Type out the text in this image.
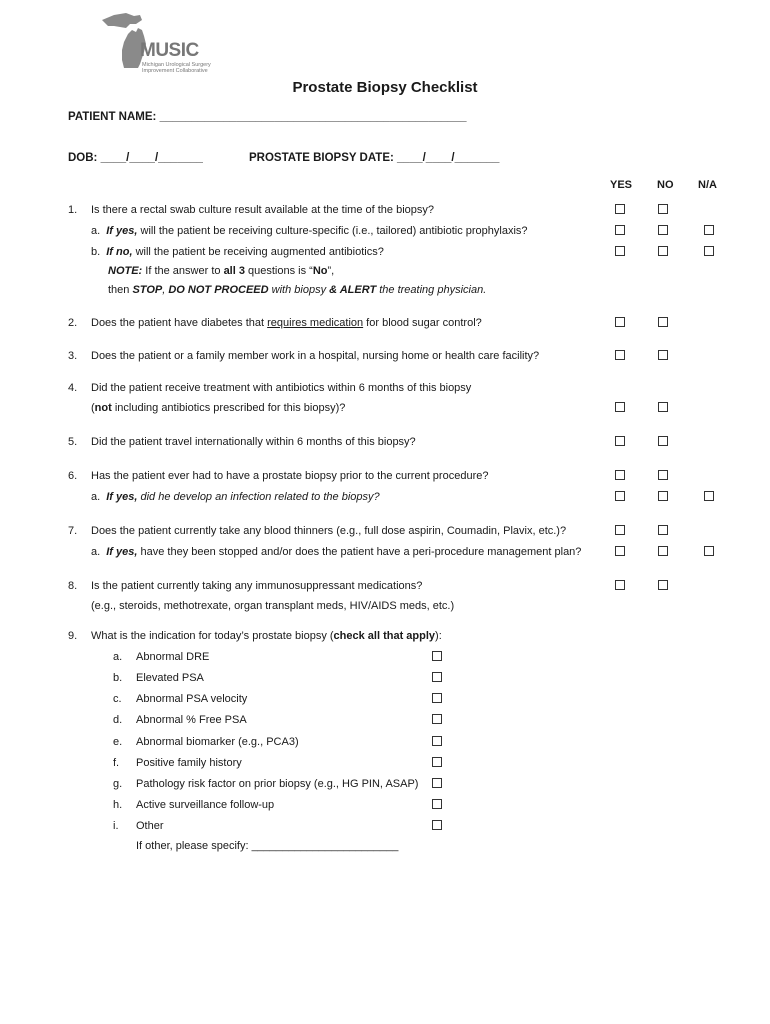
MUSIC
Michigan Urological Surgery Improvement Collaborative
Prostate Biopsy Checklist
PATIENT NAME: ________________________________________________
DOB: ____/____/_______	PROSTATE BIOPSY DATE: ____/____/_______
YES NO N/A
1. Is there a rectal swab culture result available at the time of the biopsy?
a. If yes, will the patient be receiving culture-specific (i.e., tailored) antibiotic prophylaxis?
b. If no, will the patient be receiving augmented antibiotics?
NOTE: If the answer to all 3 questions is “No”,
then STOP, DO NOT PROCEED with biopsy & ALERT the treating physician.
2. Does the patient have diabetes that requires medication for blood sugar control?
3. Does the patient or a family member work in a hospital, nursing home or health care facility?
4. Did the patient receive treatment with antibiotics within 6 months of this biopsy
(not including antibiotics prescribed for this biopsy)?
5. Did the patient travel internationally within 6 months of this biopsy?
6. Has the patient ever had to have a prostate biopsy prior to the current procedure?
a. If yes, did he develop an infection related to the biopsy?
7. Does the patient currently take any blood thinners (e.g., full dose aspirin, Coumadin, Plavix, etc.)?
a. If yes, have they been stopped and/or does the patient have a peri-procedure management plan?
8. Is the patient currently taking any immunosuppressant medications?
(e.g., steroids, methotrexate, organ transplant meds, HIV/AIDS meds, etc.)
9. What is the indication for today’s prostate biopsy (check all that apply):
a. Abnormal DRE
b. Elevated PSA
c. Abnormal PSA velocity
d. Abnormal % Free PSA
e. Abnormal biomarker (e.g., PCA3)
f. Positive family history
g. Pathology risk factor on prior biopsy (e.g., HG PIN, ASAP)
h. Active surveillance follow-up
i. Other
If other, please specify: ________________________
